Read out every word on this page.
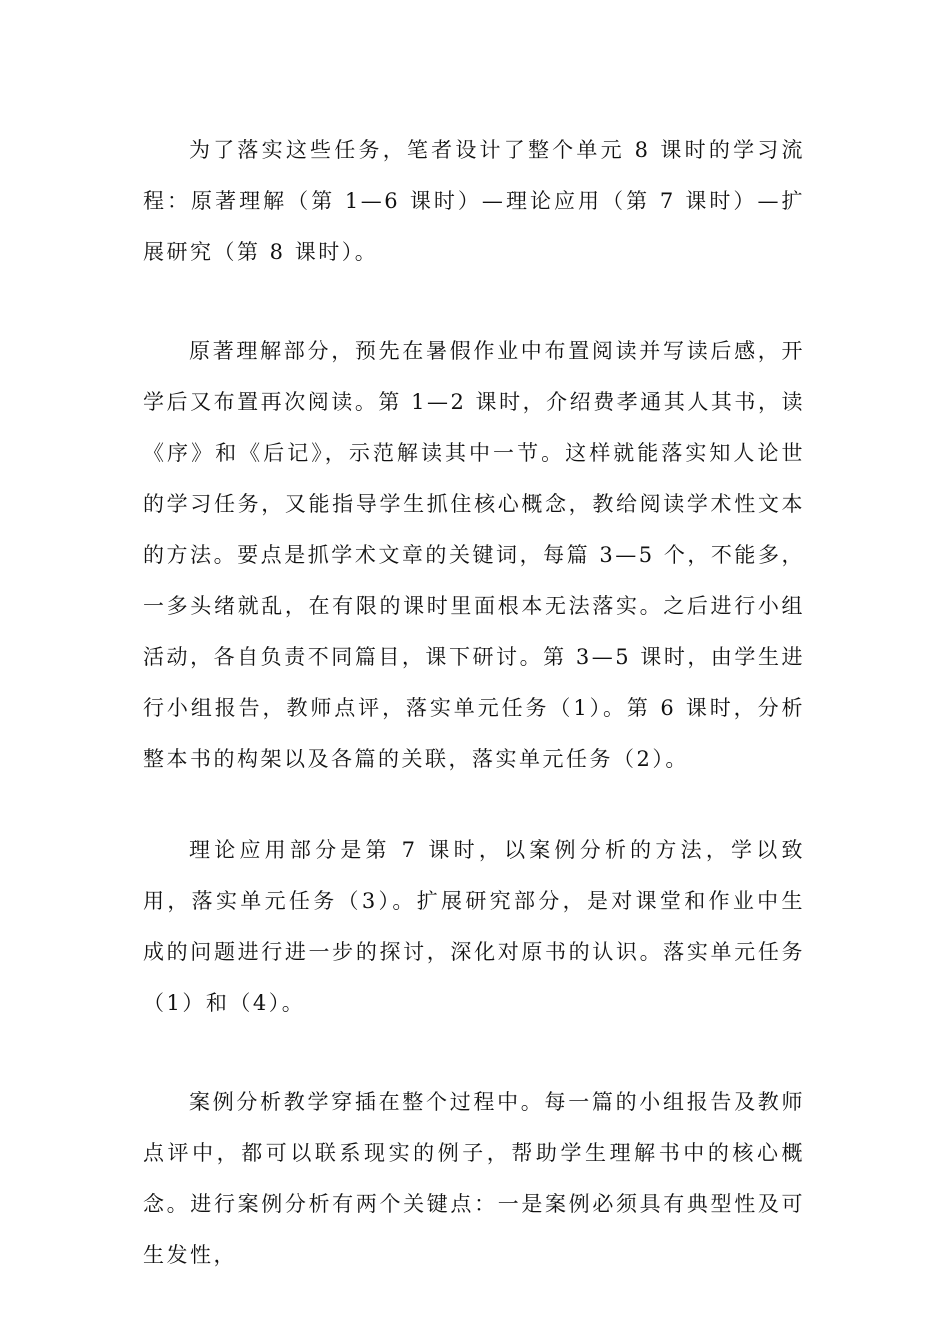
为了落实这些任务，笔者设计了整个单元 8 课时的学习流程：原著理解（第 1—6 课时）—理论应用（第 7 课时）—扩展研究（第 8 课时）。

原著理解部分，预先在暑假作业中布置阅读并写读后感，开学后又布置再次阅读。第 1—2 课时，介绍费孝通其人其书，读《序》和《后记》，示范解读其中一节。这样就能落实知人论世的学习任务，又能指导学生抓住核心概念，教给阅读学术性文本的方法。要点是抓学术文章的关键词，每篇 3—5 个，不能多，一多头绪就乱，在有限的课时里面根本无法落实。之后进行小组活动，各自负责不同篇目，课下研讨。第 3—5 课时，由学生进行小组报告，教师点评，落实单元任务（1）。第 6 课时，分析整本书的构架以及各篇的关联，落实单元任务（2）。

理论应用部分是第 7 课时，以案例分析的方法，学以致用，落实单元任务（3）。扩展研究部分，是对课堂和作业中生成的问题进行进一步的探讨，深化对原书的认识。落实单元任务（1）和（4）。

案例分析教学穿插在整个过程中。每一篇的小组报告及教师点评中，都可以联系现实的例子，帮助学生理解书中的核心概念。进行案例分析有两个关键点：一是案例必须具有典型性及可生发性，
